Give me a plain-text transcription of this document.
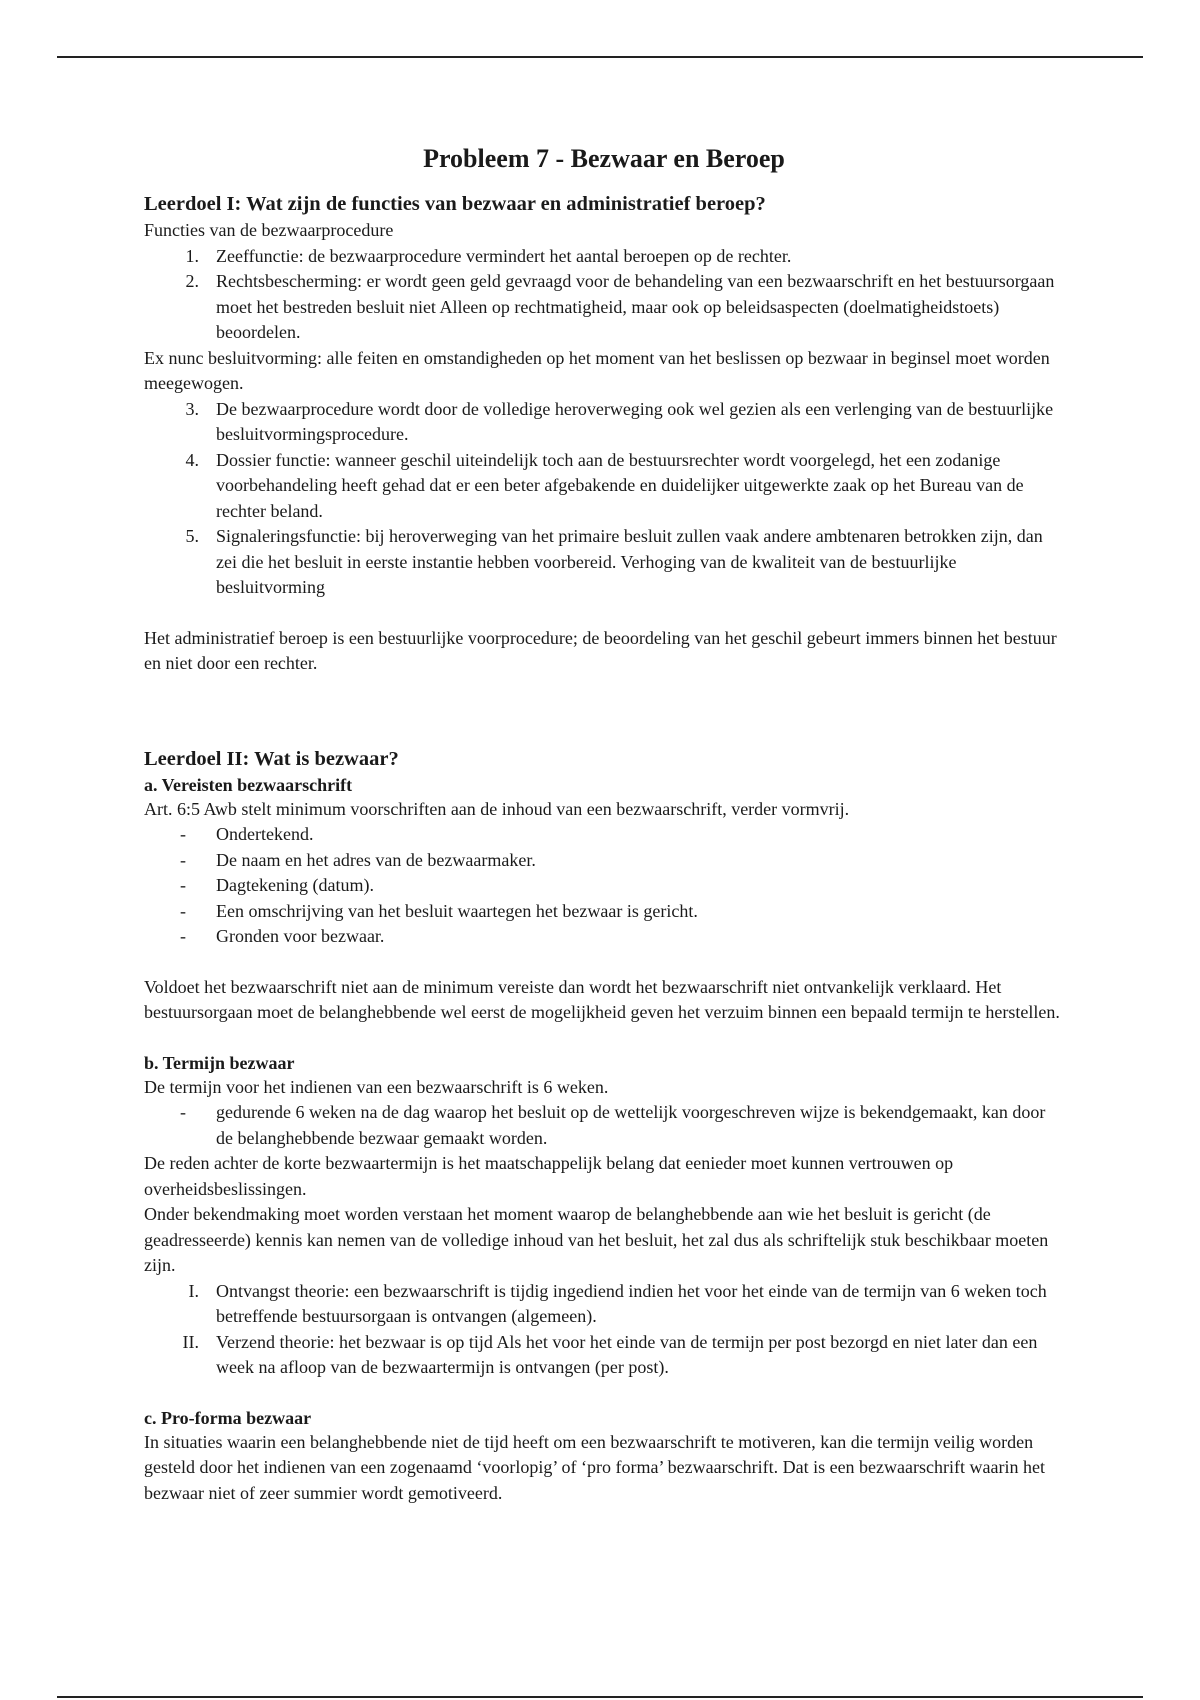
Probleem 7 - Bezwaar en Beroep
Leerdoel I: Wat zijn de functies van bezwaar en administratief beroep?

Functies van de bezwaarprocedure

1. Zeeffunctie: de bezwaarprocedure vermindert het aantal beroepen op de rechter.
2. Rechtsbescherming: er wordt geen geld gevraagd voor de behandeling van een bezwaarschrift en het bestuursorgaan moet het bestreden besluit niet Alleen op rechtmatigheid, maar ook op beleidsaspecten (doelmatigheidstoets) beoordelen.

Ex nunc besluitvorming: alle feiten en omstandigheden op het moment van het beslissen op bezwaar in beginsel moet worden meegewogen.

3. De bezwaarprocedure wordt door de volledige heroverweging ook wel gezien als een verlenging van de bestuurlijke besluitvormingsprocedure.
4. Dossier functie: wanneer geschil uiteindelijk toch aan de bestuursrechter wordt voorgelegd, het een zodanige voorbehandeling heeft gehad dat er een beter afgebakende en duidelijker uitgewerkte zaak op het Bureau van de rechter beland.
5. Signaleringsfunctie: bij heroverweging van het primaire besluit zullen vaak andere ambtenaren betrokken zijn, dan zei die het besluit in eerste instantie hebben voorbereid. Verhoging van de kwaliteit van de bestuurlijke besluitvorming

Het administratief beroep is een bestuurlijke voorprocedure; de beoordeling van het geschil gebeurt immers binnen het bestuur en niet door een rechter.

Leerdoel II: Wat is bezwaar?
a. Vereisten bezwaarschrift

Art. 6:5 Awb stelt minimum voorschriften aan de inhoud van een bezwaarschrift, verder vormvrij.

- Ondertekend.
- De naam en het adres van de bezwaarmaker.
- Dagtekening (datum).
- Een omschrijving van het besluit waartegen het bezwaar is gericht.
- Gronden voor bezwaar.

Voldoet het bezwaarschrift niet aan de minimum vereiste dan wordt het bezwaarschrift niet ontvankelijk verklaard. Het bestuursorgaan moet de belanghebbende wel eerst de mogelijkheid geven het verzuim binnen een bepaald termijn te herstellen.

b. Termijn bezwaar

De termijn voor het indienen van een bezwaarschrift is 6 weken.

- gedurende 6 weken na de dag waarop het besluit op de wettelijk voorgeschreven wijze is bekendgemaakt, kan door de belanghebbende bezwaar gemaakt worden.

De reden achter de korte bezwaartermijn is het maatschappelijk belang dat eenieder moet kunnen vertrouwen op overheidsbeslissingen.

Onder bekendmaking moet worden verstaan het moment waarop de belanghebbende aan wie het besluit is gericht (de geadresseerde) kennis kan nemen van de volledige inhoud van het besluit, het zal dus als schriftelijk stuk beschikbaar moeten zijn.

I. Ontvangst theorie: een bezwaarschrift is tijdig ingediend indien het voor het einde van de termijn van 6 weken toch betreffende bestuursorgaan is ontvangen (algemeen).
II. Verzend theorie: het bezwaar is op tijd Als het voor het einde van de termijn per post bezorgd en niet later dan een week na afloop van de bezwaartermijn is ontvangen (per post).
c. Pro-forma bezwaar

In situaties waarin een belanghebbende niet de tijd heeft om een bezwaarschrift te motiveren, kan die termijn veilig worden gesteld door het indienen van een zogenaamd ‘voorlopig’ of ‘pro forma’ bezwaarschrift. Dat is een bezwaarschrift waarin het bezwaar niet of zeer summier wordt gemotiveerd.
